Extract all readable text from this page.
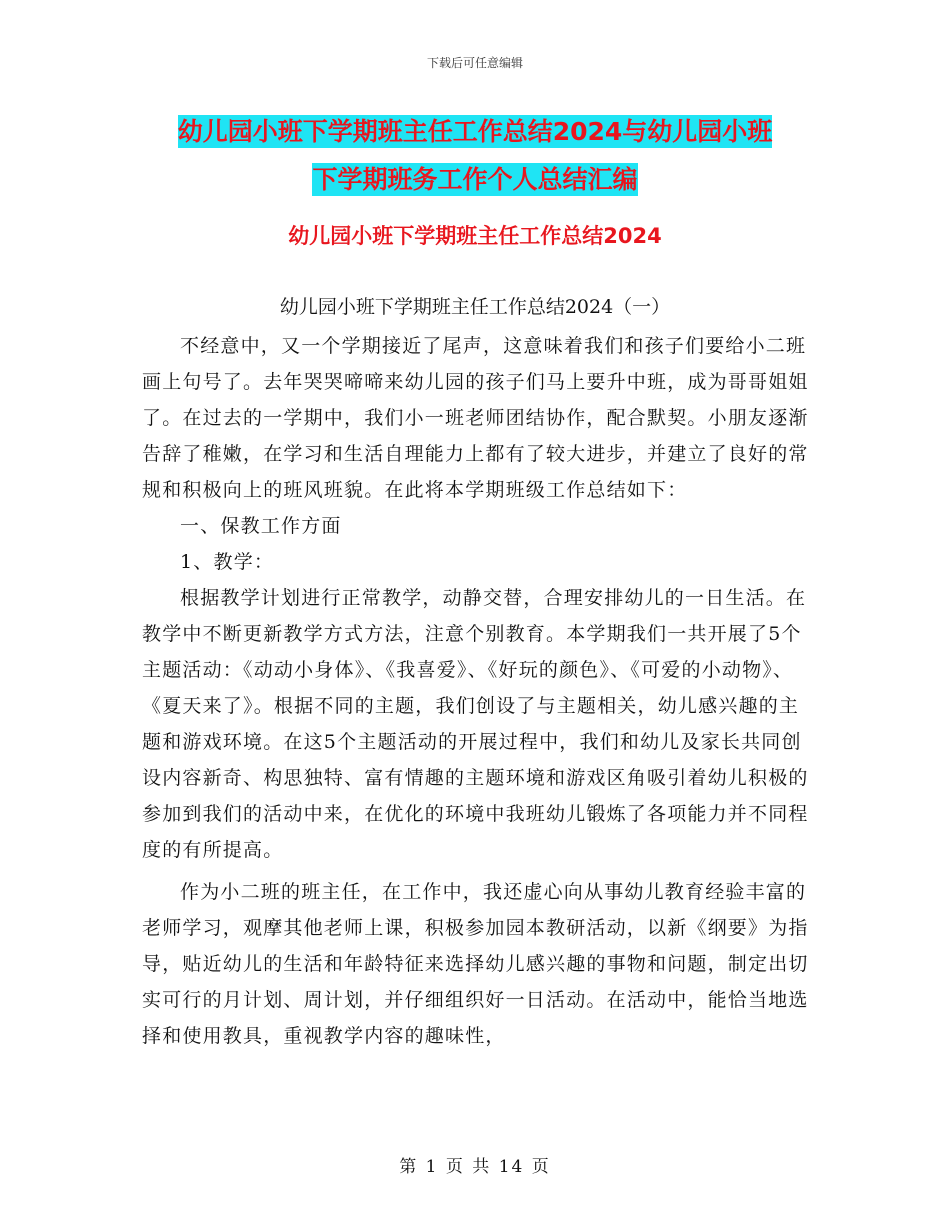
下载后可任意编辑
幼儿园小班下学期班主任工作总结2024与幼儿园小班
下学期班务工作个人总结汇编
幼儿园小班下学期班主任工作总结2024
幼儿园小班下学期班主任工作总结2024（一）

不经意中，又一个学期接近了尾声，这意味着我们和孩子们要给小二班画上句号了。去年哭哭啼啼来幼儿园的孩子们马上要升中班，成为哥哥姐姐了。在过去的一学期中，我们小一班老师团结协作，配合默契。小朋友逐渐告辞了稚嫩，在学习和生活自理能力上都有了较大进步，并建立了良好的常规和积极向上的班风班貌。在此将本学期班级工作总结如下：

一、保教工作方面

1、教学：

根据教学计划进行正常教学，动静交替，合理安排幼儿的一日生活。在教学中不断更新教学方式方法，注意个别教育。本学期我们一共开展了5个主题活动：《动动小身体》、《我喜爱》、《好玩的颜色》、《可爱的小动物》、《夏天来了》。根据不同的主题，我们创设了与主题相关，幼儿感兴趣的主题和游戏环境。在这5个主题活动的开展过程中，我们和幼儿及家长共同创设内容新奇、构思独特、富有情趣的主题环境和游戏区角吸引着幼儿积极的参加到我们的活动中来，在优化的环境中我班幼儿锻炼了各项能力并不同程度的有所提高。

作为小二班的班主任，在工作中，我还虚心向从事幼儿教育经验丰富的老师学习，观摩其他老师上课，积极参加园本教研活动，以新《纲要》为指导，贴近幼儿的生活和年龄特征来选择幼儿感兴趣的事物和问题，制定出切实可行的月计划、周计划，并仔细组织好一日活动。在活动中，能恰当地选择和使用教具，重视教学内容的趣味性，

第 1 页 共 14 页
